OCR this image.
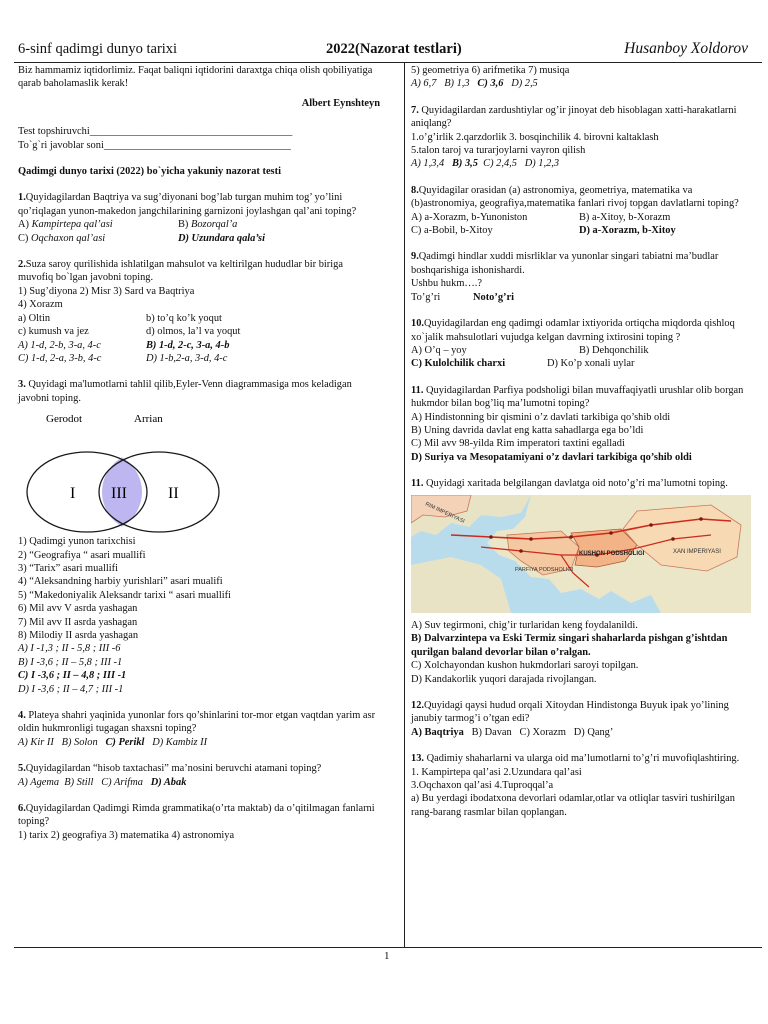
6-sinf qadimgi dunyo tarixi	2022(Nazorat testlari)	Husanboy Xoldorov

Biz hammamiz iqtidorlimiz. Faqat baliqni iqtidorini daraxtga chiqa olish qobiliyatiga qarab baholamaslik kerak!

Albert Eynshteyn

Test topshiruvchi_______________________________________

To`g`ri javoblar soni____________________________________

Qadimgi dunyo tarixi (2022) bo`yicha yakuniy nazorat testi

1.Quyidagilardan Baqtriya va sug’diyonani bog’lab turgan muhim tog’ yo’lini qo’riqlagan yunon-makedon jangchilarining garnizoni joylashgan qal’ani toping?

A) Kampirtepa qal’asi	B) Bozorqal’a
C) Oqchaxon qal’asi	D) Uzundara qala’si

2.Suza saroy qurilishida ishlatilgan mahsulot va keltirilgan hududlar bir biriga muvofiq bo`lgan javobni toping.

1) Sug’diyona 2) Misr 3) Sard va Baqtriya

4) Xorazm

a) Oltin	b) to’q ko’k yoqut
c) kumush va jez	d) olmos, la’l va yoqut
A) 1-d, 2-b, 3-a, 4-c	B) 1-d, 2-c, 3-a, 4-b
C) 1-d, 2-a, 3-b, 4-c	D) 1-b,2-a, 3-d, 4-c

3. Quyidagi ma'lumotlarni tahlil qilib,Eyler-Venn diagrammasiga mos keladigan javobni toping.

Gerodot	Arrian
I III	II

1) Qadimgi yunon tarixchisi

2) “Geografiya “ asari muallifi

3) “Tarix” asari muallifi

4) “Aleksandning harbiy yurishlari” asari mualifi

5) “Makedoniyalik Aleksandr tarixi “ asari muallifi

6) Mil avv V asrda yashagan

7) Mil avv II asrda yashagan

8) Milodiy II asrda yashagan

A) I -1,3 ; II - 5,8 ; III -6

B) I -3,6 ; II – 5,8 ; III -1

C) I -3,6 ; II – 4,8 ; III -1

D) I -3,6 ; II – 4,7 ; III -1

4. Plateya shahri yaqinida yunonlar fors qo’shinlarini tor-mor etgan vaqtdan yarim asr oldin hukmronligi tugagan shaxsni toping?

A) Kir II B) Solon C) Perikl D) Kambiz II

5.Quyidagilardan “hisob taxtachasi” ma’nosini beruvchi atamani toping?

A) Agema B) Still C) Arifma D) Abak

6.Quyidagilardan Qadimgi Rimda grammatika(o’rta maktab) da o’qitilmagan fanlarni toping?

1) tarix 2) geografiya 3) matematika 4) astronomiya

5) geometriya 6) arifmetika 7) musiqa

A) 6,7 B) 1,3 C) 3,6 D) 2,5

7. Quyidagilardan zardushtiylar og’ir jinoyat deb hisoblagan xatti-harakatlarni aniqlang?

1.o’g’irlik 2.qarzdorlik 3. bosqinchilik 4. birovni kaltaklash

5.talon taroj va turarjoylarni vayron qilish

A) 1,3,4 B) 3,5 C) 2,4,5 D) 1,2,3

8.Quyidagilar orasidan (a) astronomiya, geometriya, matematika va (b)astronomiya, geografiya,matematika fanlari rivoj topgan davlatlarni toping?

A) a-Xorazm, b-Yunoniston	B) a-Xitoy, b-Xorazm
C) a-Bobil, b-Xitoy	D) a-Xorazm, b-Xitoy

9.Qadimgi hindlar xuddi misrliklar va yunonlar singari tabiatni ma’budlar boshqarishiga ishonishardi.

Ushbu hukm….?

To’g’ri	Noto’g’ri

10.Quyidagilardan eng qadimgi odamlar ixtiyorida ortiqcha miqdorda qishloq xo`jalik mahsulotlari vujudga kelgan davrning ixtirosini toping ?

A) O’q – yoy	B) Dehqonchilik
C) Kulolchilik charxi	D) Ko’p xonali uylar

11. Quyidagilardan Parfiya podsholigi bilan muvaffaqiyatli urushlar olib borgan hukmdor bilan bog’liq ma’lumotni toping?

A) Hindistonning bir qismini o’z davlati tarkibiga qo’shib oldi

B) Uning davrida davlat eng katta sahadlarga ega bo’ldi

C) Mil avv 98-yilda Rim imperatori taxtini egalladi

D) Suriya va Mesopatamiyani o’z davlari tarkibiga qo’shib oldi

11. Quyidagi xaritada belgilangan davlatga oid noto’g’ri ma’lumotni toping.

RIM IMPERIYASI
KUSHON PODSHOLIGI
PARFIYA PODSHOLIGI
XAN IMPERIYASI

A) Suv tegirmoni, chig’ir turlaridan keng foydalanildi.

B) Dalvarzintepa va Eski Termiz singari shaharlarda pishgan g’ishtdan qurilgan baland devorlar bilan o’ralgan.

C) Xolchayondan kushon hukmdorlari saroyi topilgan.

D) Kandakorlik yuqori darajada rivojlangan.

12.Quyidagi qaysi hudud orqali Xitoydan Hindistonga Buyuk ipak yo’lining janubiy tarmog’i o’tgan edi?

A) Baqtriya B) Davan C) Xorazm D) Qang’

13. Qadimiy shaharlarni va ularga oid ma’lumotlarni to’g’ri muvofiqlashtiring.

1. Kampirtepa qal’asi 2.Uzundara qal’asi

3.Oqchaxon qal’asi 4.Tuproqqal’a

a) Bu yerdagi ibodatxona devorlari odamlar,otlar va otliqlar tasviri tushirilgan rang-barang rasmlar bilan qoplangan.

1
